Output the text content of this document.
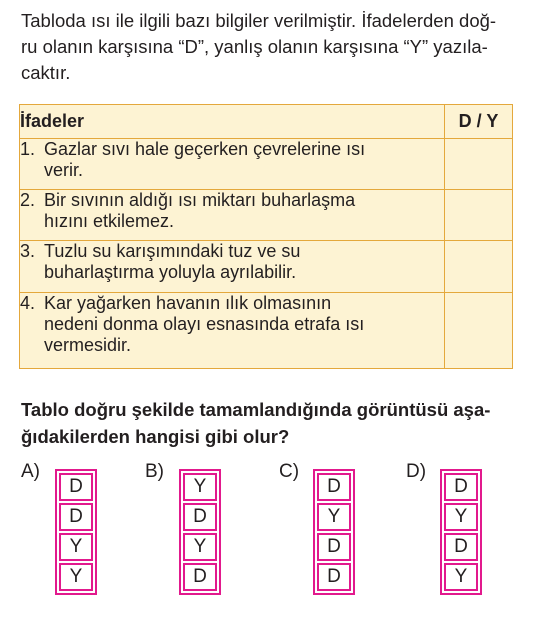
Tabloda ısı ile ilgili bazı bilgiler verilmiştir. İfadelerden doğ-
ru olanın karşısına “D”, yanlış olanın karşısına “Y” yazıla-
caktır.
İfadeler	D / Y
1. Gazlar sıvı hale geçerken çevrelerine ısı
verir.	

2. Bir sıvının aldığı ısı miktarı buharlaşma
hızını etkilemez.	

3. Tuzlu su karışımındaki tuz ve su
buharlaştırma yoluyla ayrılabilir.	

4. Kar yağarken havanın ılık olmasının
nedeni donma olayı esnasında etrafa ısı
vermesidir.	

Tablo doğru şekilde tamamlandığında görüntüsü aşa-
ğıdakilerden hangisi gibi olur?
A)
D
D
Y
Y
B)
Y
D
Y
D
C)
D
Y
D
D
D)
D
Y
D
Y
